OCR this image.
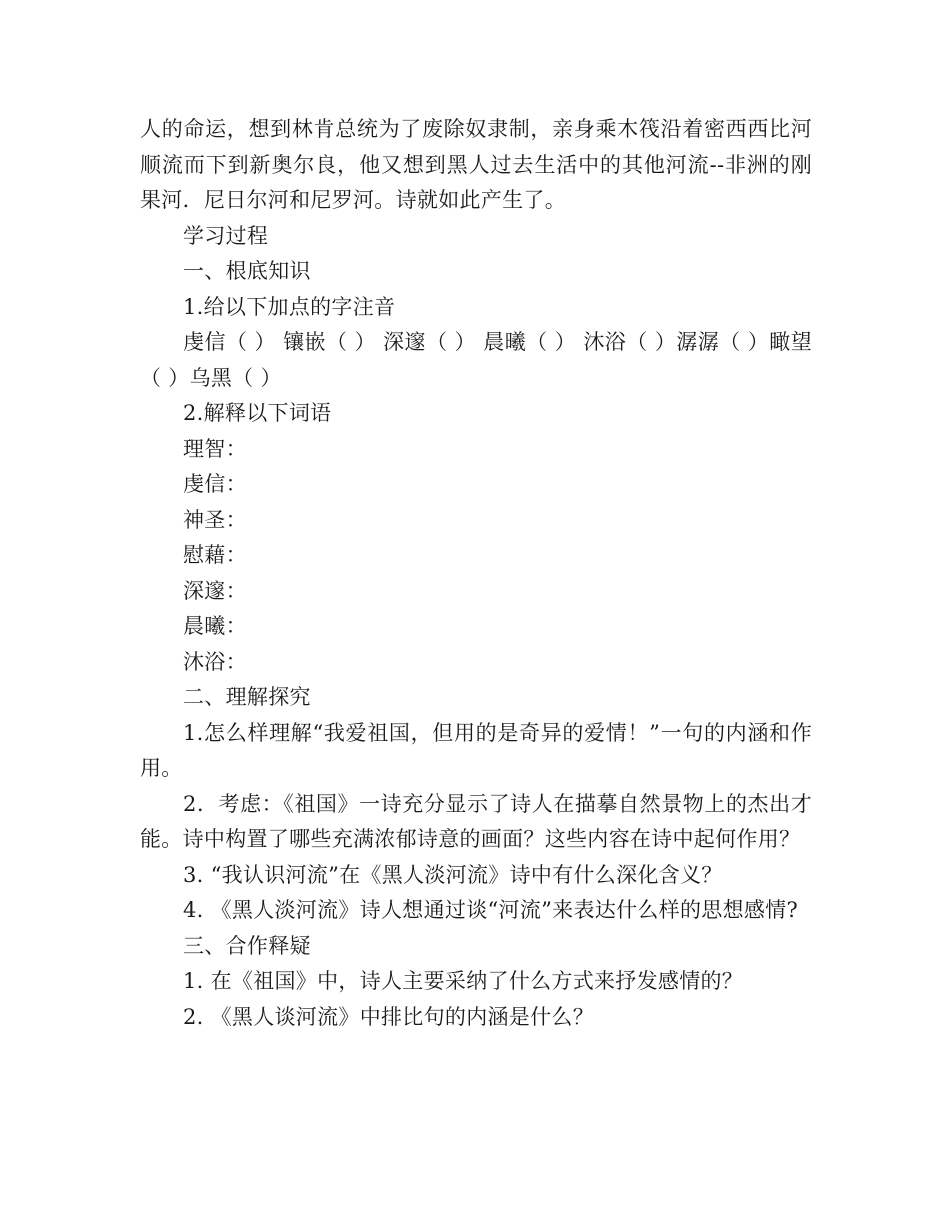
人的命运，想到林肯总统为了废除奴隶制，亲身乘木筏沿着密西西比河顺流而下到新奥尔良，他又想到黑人过去生活中的其他河流--非洲的刚果河．尼日尔河和尼罗河。诗就如此产生了。

学习过程

一、根底知识

1.给以下加点的字注音

虔信（ ） 镶嵌（ ） 深邃（ ） 晨曦（ ） 沐浴（ ）潺潺（ ）瞰望（ ）乌黑（ ）

2.解释以下词语

理智：

虔信：

神圣：

慰藉：

深邃：

晨曦：

沐浴：

二、理解探究

1.怎么样理解“我爱祖国，但用的是奇异的爱情！”一句的内涵和作用。

2．考虑：《祖国》一诗充分显示了诗人在描摹自然景物上的杰出才能。诗中构置了哪些充满浓郁诗意的画面？这些内容在诗中起何作用？

3. “我认识河流”在《黑人淡河流》诗中有什么深化含义？

4. 《黑人淡河流》诗人想通过谈“河流”来表达什么样的思想感情?

三、合作释疑

1. 在《祖国》中，诗人主要采纳了什么方式来抒发感情的？

2. 《黑人谈河流》中排比句的内涵是什么？
